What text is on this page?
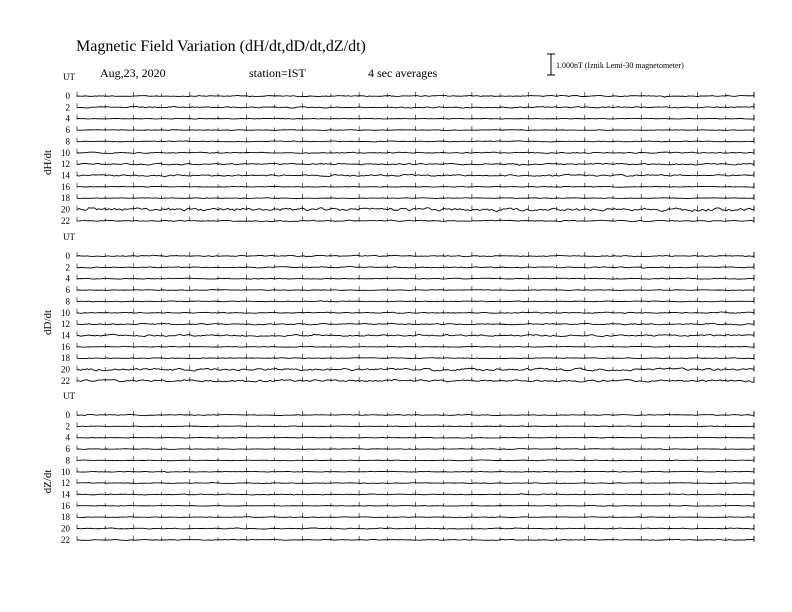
Magnetic Field Variation (dH/dt,dD/dt,dZ/dt)
Aug,23, 2020	station=IST	4 sec averages
1.000nT (Iznik Lemi-30 magnetometer)
UT
dH/dt
0
2
4
6
8
10
12
14
16
18
20
22
UT
dD/dt
0
2
4
6
8
10
12
14
16
18
20
22
UT
dZ/dt
0
2
4
6
8
10
12
14
16
18
20
22
